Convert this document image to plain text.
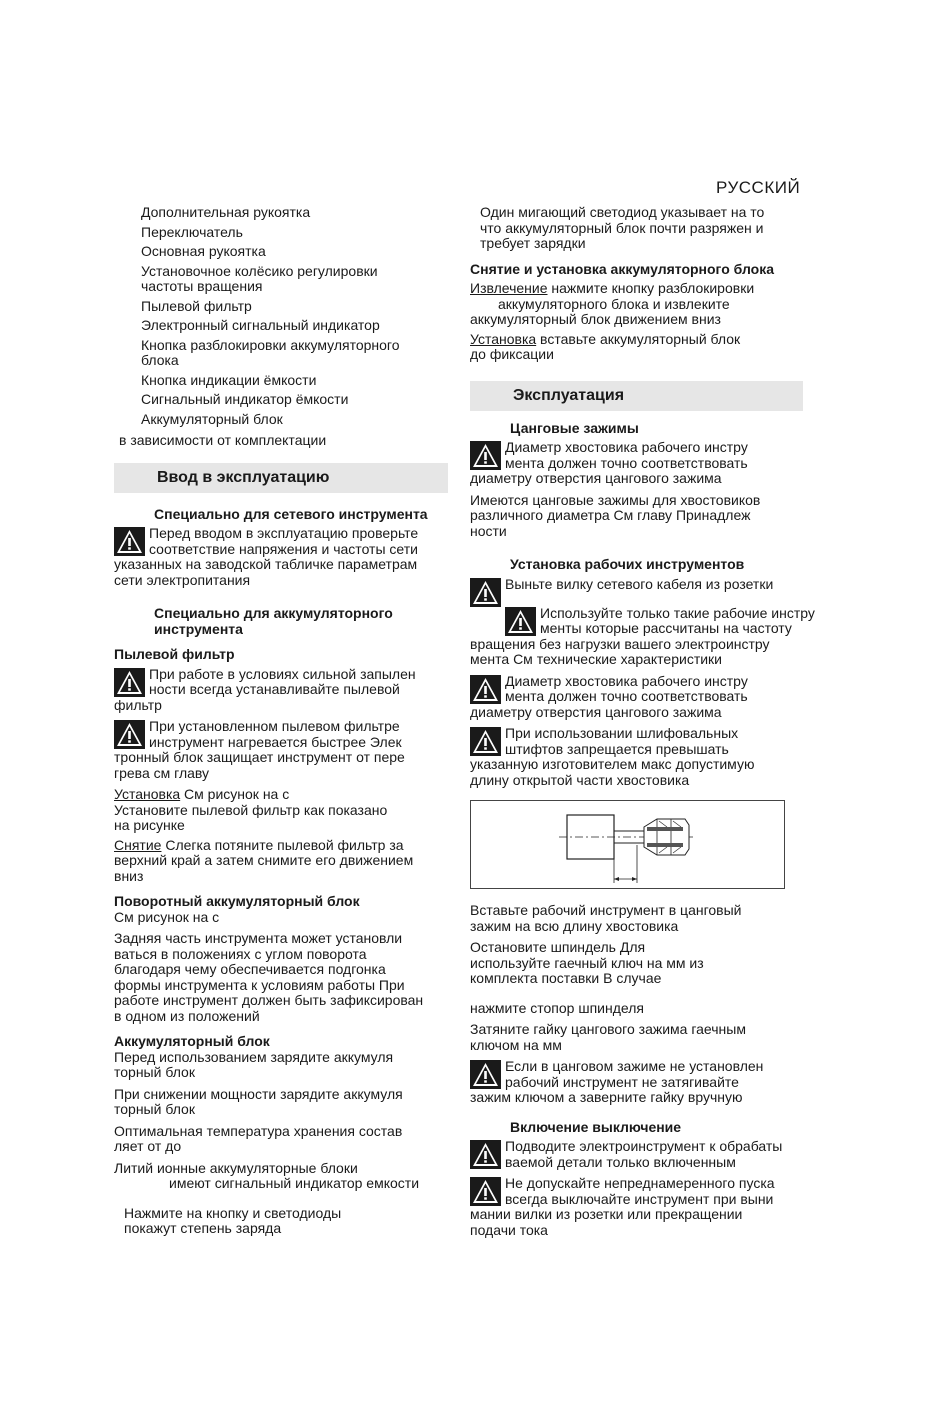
РУССКИЙ
Дополнительная рукоятка
Переключатель
Основная рукоятка
Установочное колёсико регулировки
частоты вращения
Пылевой фильтр
Электронный сигнальный индикатор
Кнопка разблокировки аккумуляторного
блока
Кнопка индикации ёмкости
Сигнальный индикатор ёмкости
Аккумуляторный блок
в зависимости от комплектации
Ввод в эксплуатацию
Специально для сетевого инструмента
Перед вводом в эксплуатацию проверьте
соответствие напряжения и частоты сети
указанных на заводской табличке параметрам
сети электропитания
Специально для аккумуляторного
инструмента
Пылевой фильтр
При работе в условиях сильной запылен
ности всегда устанавливайте пылевой
фильтр
При установленном пылевом фильтре
инструмент нагревается быстрее Элек
тронный блок защищает инструмент от пере
грева см главу
Установка См рисунок на с
Установите пылевой фильтр как показано
на рисунке
Снятие Слегка потяните пылевой фильтр за
верхний край а затем снимите его движением
вниз
Поворотный аккумуляторный блок
См рисунок на с
Задняя часть инструмента может установли
ваться в положениях с углом поворота
благодаря чему обеспечивается подгонка
формы инструмента к условиям работы При
работе инструмент должен быть зафиксирован
в одном из положений
Аккумуляторный блок
Перед использованием зарядите аккумуля
торный блок
При снижении мощности зарядите аккумуля
торный блок
Оптимальная температура хранения состав
ляет от до
Литий ионные аккумуляторные блоки
имеют сигнальный индикатор емкости
Нажмите на кнопку и светодиоды
покажут степень заряда
Один мигающий светодиод указывает на то
что аккумуляторный блок почти разряжен и
требует зарядки
Снятие и установка аккумуляторного блока
Извлечение нажмите кнопку разблокировки
аккумуляторного блока и извлеките
аккумуляторный блок движением вниз
Установка вставьте аккумуляторный блок
до фиксации
Эксплуатация
Цанговые зажимы
Диаметр хвостовика рабочего инстру
мента должен точно соответствовать
диаметру отверстия цангового зажима
Имеются цанговые зажимы для хвостовиков
различного диаметра См главу Принадлеж
ности
Установка рабочих инструментов
Выньте вилку сетевого кабеля из розетки
Используйте только такие рабочие инстру
менты которые рассчитаны на частоту
вращения без нагрузки вашего электроинстру
мента См технические характеристики
Диаметр хвостовика рабочего инстру
мента должен точно соответствовать
диаметру отверстия цангового зажима
При использовании шлифовальных
штифтов запрещается превышать
указанную изготовителем макс допустимую
длину открытой части хвостовика
Вставьте рабочий инструмент в цанговый
зажим на всю длину хвостовика
Остановите шпиндель Для
используйте гаечный ключ на мм из
комплекта поставки В случае
нажмите стопор шпинделя
Затяните гайку цангового зажима гаечным
ключом на мм
Если в цанговом зажиме не установлен
рабочий инструмент не затягивайте
зажим ключом а заверните гайку вручную
Включение выключение
Подводите электроинструмент к обрабаты
ваемой детали только включенным
Не допускайте непреднамеренного пуска
всегда выключайте инструмент при выни
мании вилки из розетки или прекращении
подачи тока
